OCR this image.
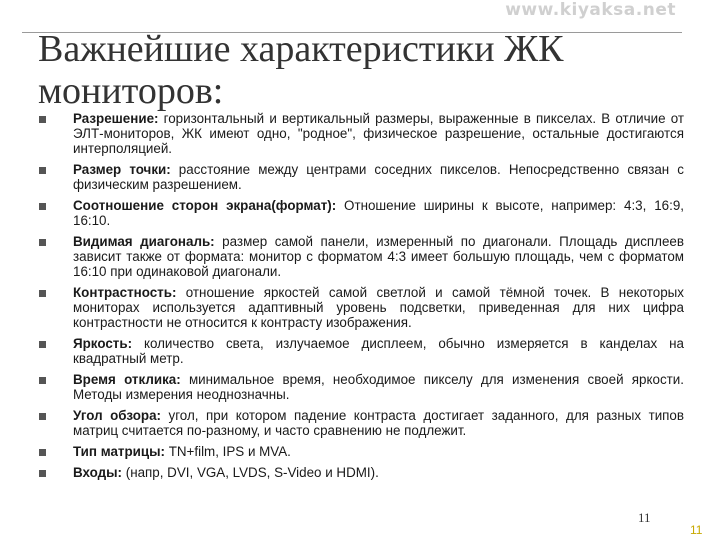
www.kiyaksa.net
Важнейшие характеристики ЖК мониторов:
Разрешение: горизонтальный и вертикальный размеры, выраженные в пикселах. В отличие от ЭЛТ-мониторов, ЖК имеют одно, "родное", физическое разрешение, остальные достигаются интерполяцией.
Размер точки: расстояние между центрами соседних пикселов. Непосредственно связан с физическим разрешением.
Соотношение сторон экрана(формат): Отношение ширины к высоте, например: 4:3, 16:9, 16:10.
Видимая диагональ: размер самой панели, измеренный по диагонали. Площадь дисплеев зависит также от формата: монитор с форматом 4:3 имеет большую площадь, чем с форматом 16:10 при одинаковой диагонали.
Контрастность: отношение яркостей самой светлой и самой тёмной точек. В некоторых мониторах используется адаптивный уровень подсветки, приведенная для них цифра контрастности не относится к контрасту изображения.
Яркость: количество света, излучаемое дисплеем, обычно измеряется в канделах на квадратный метр.
Время отклика: минимальное время, необходимое пикселу для изменения своей яркости. Методы измерения неоднозначны.
Угол обзора: угол, при котором падение контраста достигает заданного, для разных типов матриц считается по-разному, и часто сравнению не подлежит.
Тип матрицы: TN+film, IPS и MVA.
Входы: (напр, DVI, VGA, LVDS, S-Video и HDMI).
11
11
